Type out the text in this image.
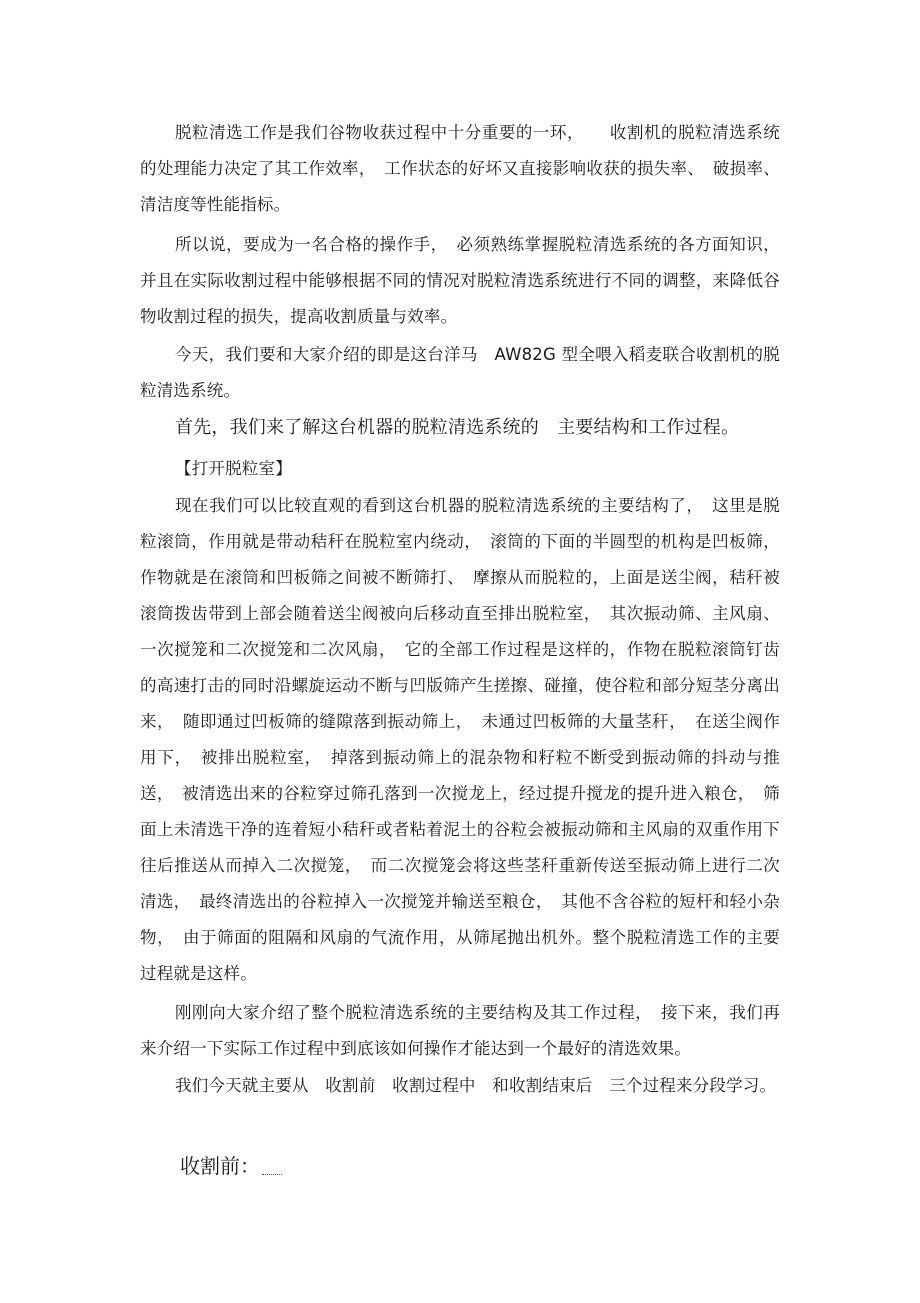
脱粒清选工作是我们谷物收获过程中十分重要的一环，　　收割机的脱粒清选系统的处理能力决定了其工作效率，　工作状态的好坏又直接影响收获的损失率、　破损率、清洁度等性能指标。

所以说，要成为一名合格的操作手，　必须熟练掌握脱粒清选系统的各方面知识，并且在实际收割过程中能够根据不同的情况对脱粒清选系统进行不同的调整，来降低谷物收割过程的损失，提高收割质量与效率。

今天，我们要和大家介绍的即是这台洋马　AW82G 型全喂入稻麦联合收割机的脱粒清选系统。

首先，我们来了解这台机器的脱粒清选系统的　主要结构和工作过程。

【打开脱粒室】

现在我们可以比较直观的看到这台机器的脱粒清选系统的主要结构了，　这里是脱粒滚筒，作用就是带动秸秆在脱粒室内绕动，　滚筒的下面的半圆型的机构是凹板筛，作物就是在滚筒和凹板筛之间被不断筛打、　摩擦从而脱粒的，上面是送尘阀，秸秆被滚筒拨齿带到上部会随着送尘阀被向后移动直至排出脱粒室，　其次振动筛、主风扇、一次搅笼和二次搅笼和二次风扇，　它的全部工作过程是这样的，作物在脱粒滚筒钉齿的高速打击的同时沿螺旋运动不断与凹版筛产生搓擦、碰撞，使谷粒和部分短茎分离出来，　随即通过凹板筛的缝隙落到振动筛上，　未通过凹板筛的大量茎秆，　在送尘阀作用下，　被排出脱粒室，　掉落到振动筛上的混杂物和籽粒不断受到振动筛的抖动与推送，　被清选出来的谷粒穿过筛孔落到一次搅龙上，经过提升搅龙的提升进入粮仓，　筛面上未清选干净的连着短小秸秆或者粘着泥土的谷粒会被振动筛和主风扇的双重作用下往后推送从而掉入二次搅笼，　而二次搅笼会将这些茎秆重新传送至振动筛上进行二次清选，　最终清选出的谷粒掉入一次搅笼并输送至粮仓，　其他不含谷粒的短杆和轻小杂物，　由于筛面的阻隔和风扇的气流作用，从筛尾抛出机外。整个脱粒清选工作的主要过程就是这样。

刚刚向大家介绍了整个脱粒清选系统的主要结构及其工作过程，　接下来，我们再来介绍一下实际工作过程中到底该如何操作才能达到一个最好的清选效果。

我们今天就主要从　收割前　收割过程中　和收割结束后　三个过程来分段学习。

收割前：
